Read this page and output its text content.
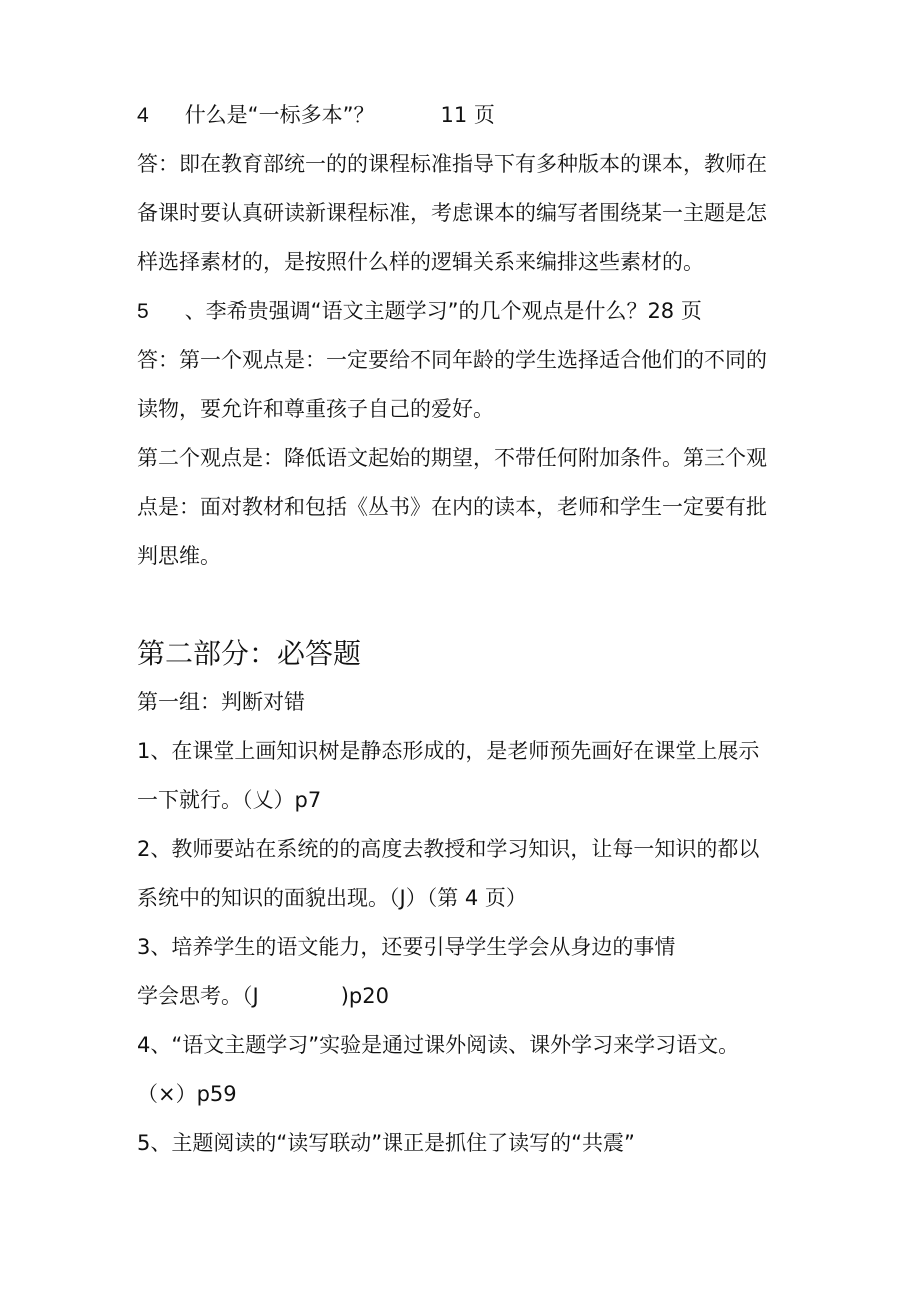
4 什么是“一标多本”？	11 页
答：即在教育部统一的的课程标准指导下有多种版本的课本，教师在
备课时要认真研读新课程标准，考虑课本的编写者围绕某一主题是怎
样选择素材的，是按照什么样的逻辑关系来编排这些素材的。
5 、李希贵强调“语文主题学习”的几个观点是什么？28 页
答：第一个观点是：一定要给不同年龄的学生选择适合他们的不同的
读物，要允许和尊重孩子自己的爱好。
第二个观点是：降低语文起始的期望，不带任何附加条件。第三个观
点是：面对教材和包括《丛书》在内的读本，老师和学生一定要有批
判思维。
第二部分：必答题
第一组：判断对错
1、在课堂上画知识树是静态形成的，是老师预先画好在课堂上展示
一下就行。（乂）p7
2、教师要站在系统的的高度去教授和学习知识，让每一知识的都以
系统中的知识的面貌出现。（J）（第 4 页）
3、培养学生的语文能力，还要引导学生学会从身边的事情
学会思考。（J	)p20
4、“语文主题学习”实验是通过课外阅读、课外学习来学习语文。
（×）p59
5、主题阅读的“读写联动”课正是抓住了读写的“共震”
